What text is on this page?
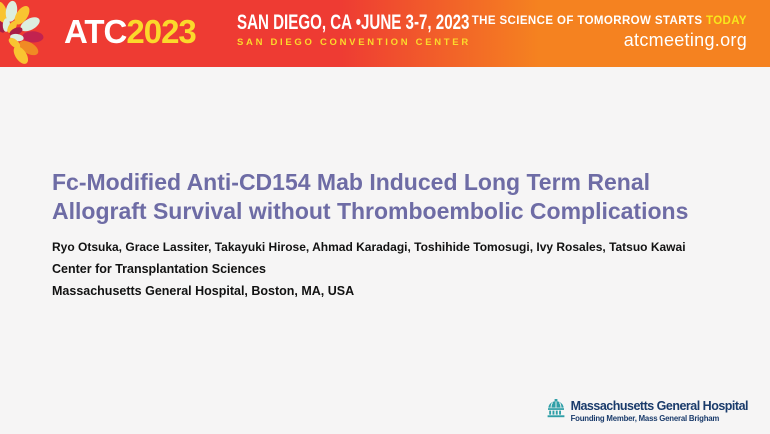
ATC2023 SAN DIEGO, CA •JUNE 3-7, 2023
SAN DIEGO CONVENTION CENTER
THE SCIENCE OF TOMORROW STARTS TODAY
atcmeeting.org
Fc-Modified Anti-CD154 Mab Induced Long Term Renal Allograft Survival without Thromboembolic Complications
Ryo Otsuka, Grace Lassiter, Takayuki Hirose, Ahmad Karadagi, Toshihide Tomosugi, Ivy Rosales, Tatsuo Kawai
Center for Transplantation Sciences
Massachusetts General Hospital, Boston, MA, USA
Massachusetts General Hospital
Founding Member, Mass General Brigham
